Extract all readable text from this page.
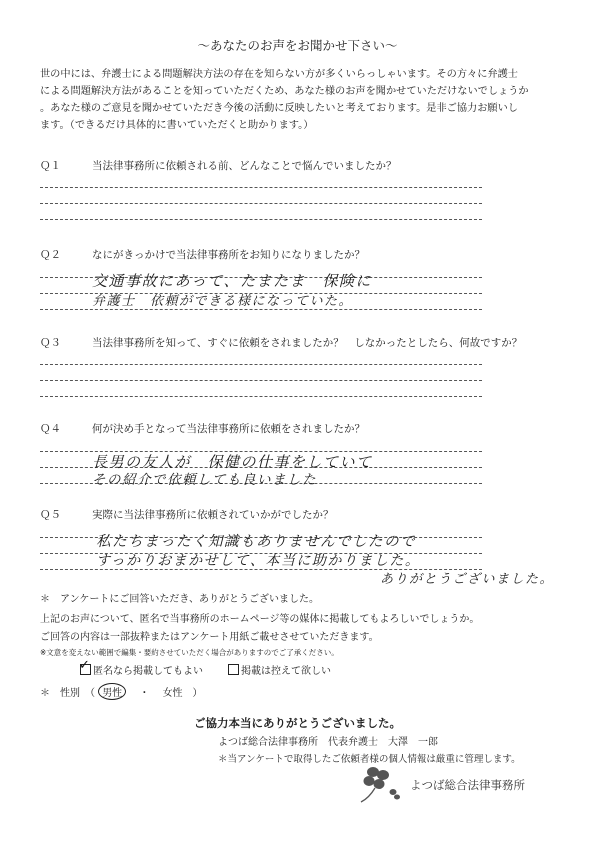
～あなたのお声をお聞かせ下さい～

世の中には、弁護士による問題解決方法の存在を知らない方が多くいらっしゃいます。その方々に弁護士

による問題解決方法があることを知っていただくため、あなた様のお声を聞かせていただけないでしょうか

。あなた様のご意見を聞かせていただき今後の活動に反映したいと考えております。是非ご協力お願いし

ます。（できるだけ具体的に書いていただくと助かります。）

Ｑ１	当法律事務所に依頼される前、どんなことで悩んでいましたか？
Ｑ２	なにがきっかけで当法律事務所をお知りになりましたか？
交通事故にあって、たまたま　保険に
弁護士　依頼ができる様になっていた。
Ｑ３	当法律事務所を知って、すぐに依頼をされましたか？　しなかったとしたら、何故ですか？
Ｑ４	何が決め手となって当法律事務所に依頼をされましたか？
長男の友人が　保健の仕事をしていて
その紹介で依頼しても良いました
Ｑ５	実際に当法律事務所に依頼されていかがでしたか？
私たちまったく知識もありませんでしたので
すっかりおまかせして、本当に助かりました。
ありがとうございました。
＊　アンケートにご回答いただき、ありがとうございました。
上記のお声について、匿名で当事務所のホームページ等の媒体に掲載してもよろしいでしょうか。
ご回答の内容は一部抜粋またはアンケート用紙ご載せさせていただきます。
※文意を変えない範囲で編集・要約させていただく場合がありますのでご了承ください。
✓匿名なら掲載してもよい	掲載は控えて欲しい
＊　性別　（ 男性 ・ 女性　）
ご協力本当にありがとうございました。
よつば総合法律事務所　代表弁護士　大澤　一郎
＊当アンケートで取得したご依頼者様の個人情報は厳重に管理します。
よつば総合法律事務所
